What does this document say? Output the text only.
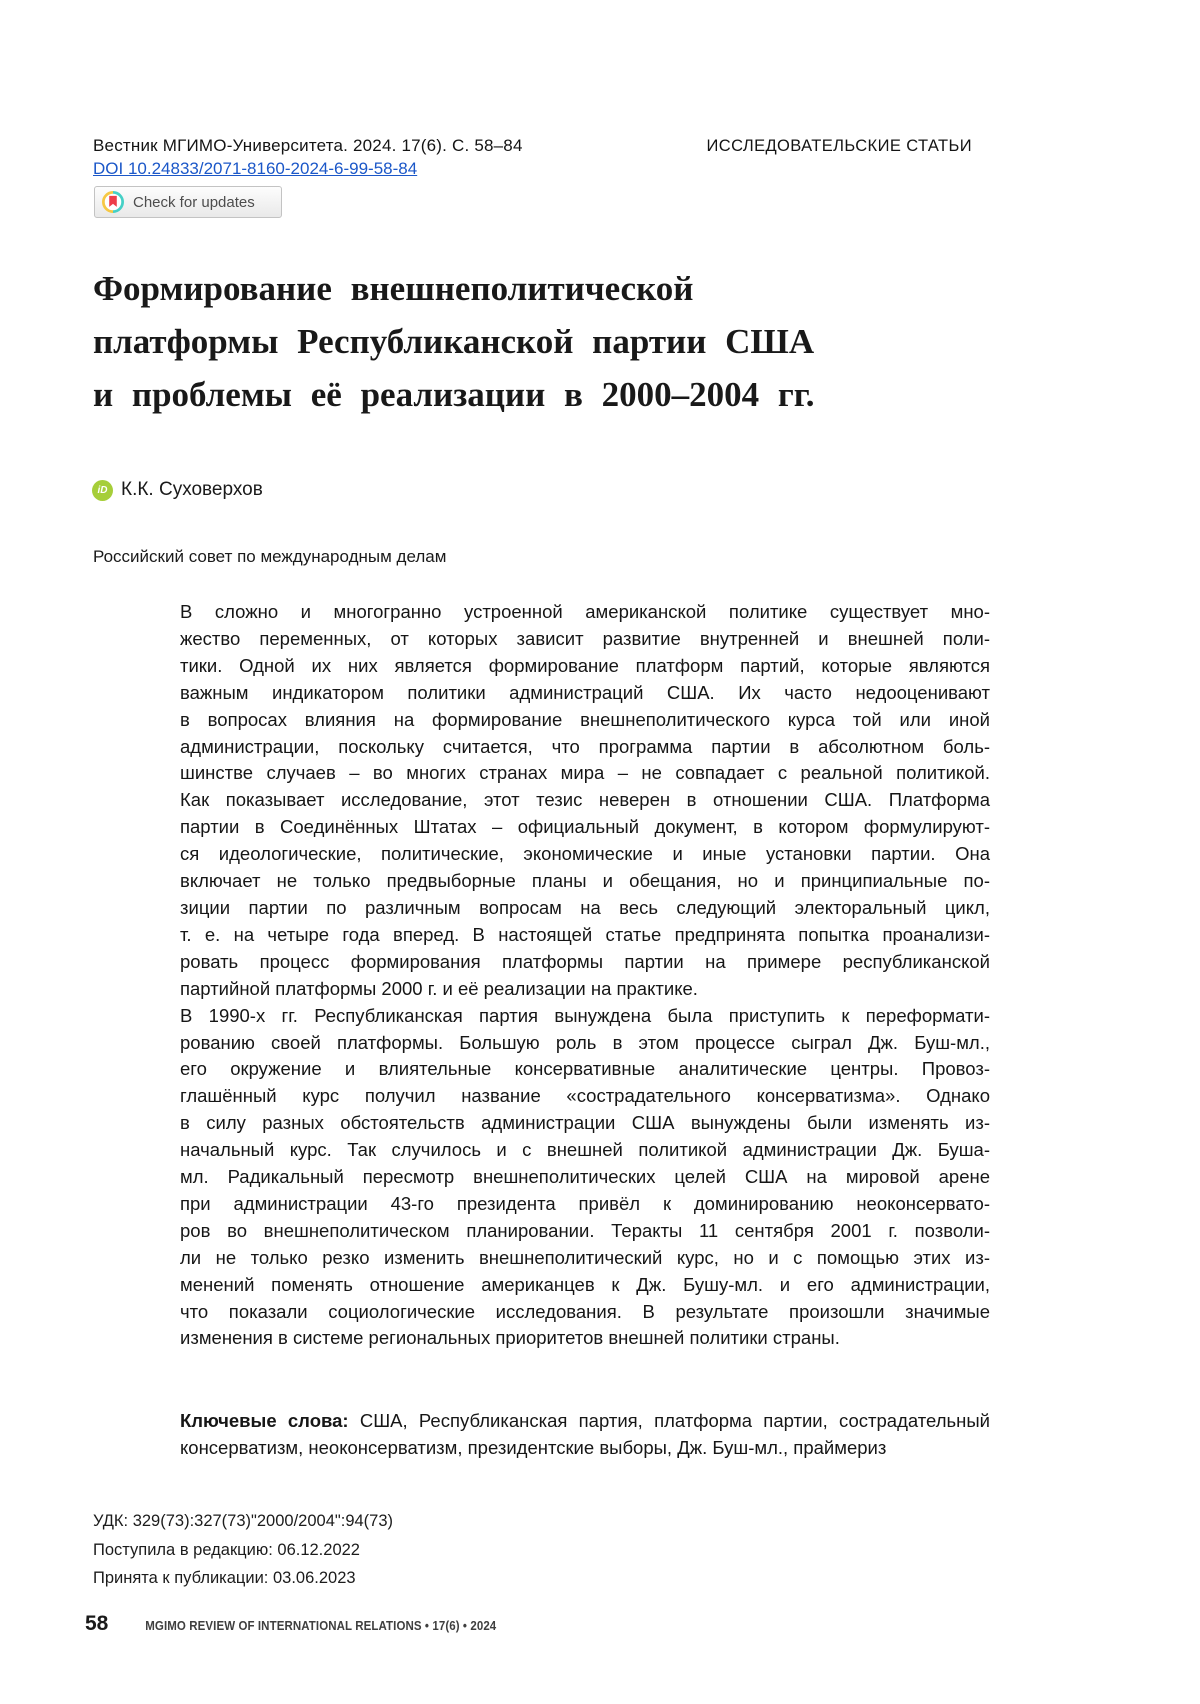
Вестник МГИМО-Университета. 2024. 17(6). С. 58–84	ИССЛЕДОВАТЕЛЬСКИЕ СТАТЬИ
DOI 10.24833/2071-8160-2024-6-99-58-84
Check for updates
Формирование внешнеполитической
платформы Республиканской партии США
и проблемы её реализации в 2000–2004 гг.
iD К.К. Суховерхов
Российский совет по международным делам
В сложно и многогранно устроенной американской политике существует мно-
жество переменных, от которых зависит развитие внутренней и внешней поли-
тики. Одной их них является формирование платформ партий, которые являются
важным индикатором политики администраций США. Их часто недооценивают
в вопросах влияния на формирование внешнеполитического курса той или иной
администрации, поскольку считается, что программа партии в абсолютном боль-
шинстве случаев – во многих странах мира – не совпадает с реальной политикой.
Как показывает исследование, этот тезис неверен в отношении США. Платформа
партии в Соединённых Штатах – официальный документ, в котором формулируют-
ся идеологические, политические, экономические и иные установки партии. Она
включает не только предвыборные планы и обещания, но и принципиальные по-
зиции партии по различным вопросам на весь следующий электоральный цикл,
т. е. на четыре года вперед. В настоящей статье предпринята попытка проанализи-
ровать процесс формирования платформы партии на примере республиканской
партийной платформы 2000 г. и её реализации на практике.
В 1990-х гг. Республиканская партия вынуждена была приступить к переформати-
рованию своей платформы. Большую роль в этом процессе сыграл Дж. Буш-мл.,
его окружение и влиятельные консервативные аналитические центры. Провоз-
глашённый курс получил название «сострадательного консерватизма». Однако
в силу разных обстоятельств администрации США вынуждены были изменять из-
начальный курс. Так случилось и с внешней политикой администрации Дж. Буша-
мл. Радикальный пересмотр внешнеполитических целей США на мировой арене
при администрации 43-го президента привёл к доминированию неоконсервато-
ров во внешнеполитическом планировании. Теракты 11 сентября 2001 г. позволи-
ли не только резко изменить внешнеполитический курс, но и с помощью этих из-
менений поменять отношение американцев к Дж. Бушу-мл. и его администрации,
что показали социологические исследования. В результате произошли значимые
изменения в системе региональных приоритетов внешней политики страны.
Ключевые слова: США, Республиканская партия, платформа партии, сострадательный
консерватизм, неоконсерватизм, президентские выборы, Дж. Буш-мл., праймериз
УДК: 329(73):327(73)"2000/2004":94(73)
Поступила в редакцию: 06.12.2022
Принята к публикации: 03.06.2023
58	MGIMO REVIEW OF INTERNATIONAL RELATIONS • 17(6) • 2024
